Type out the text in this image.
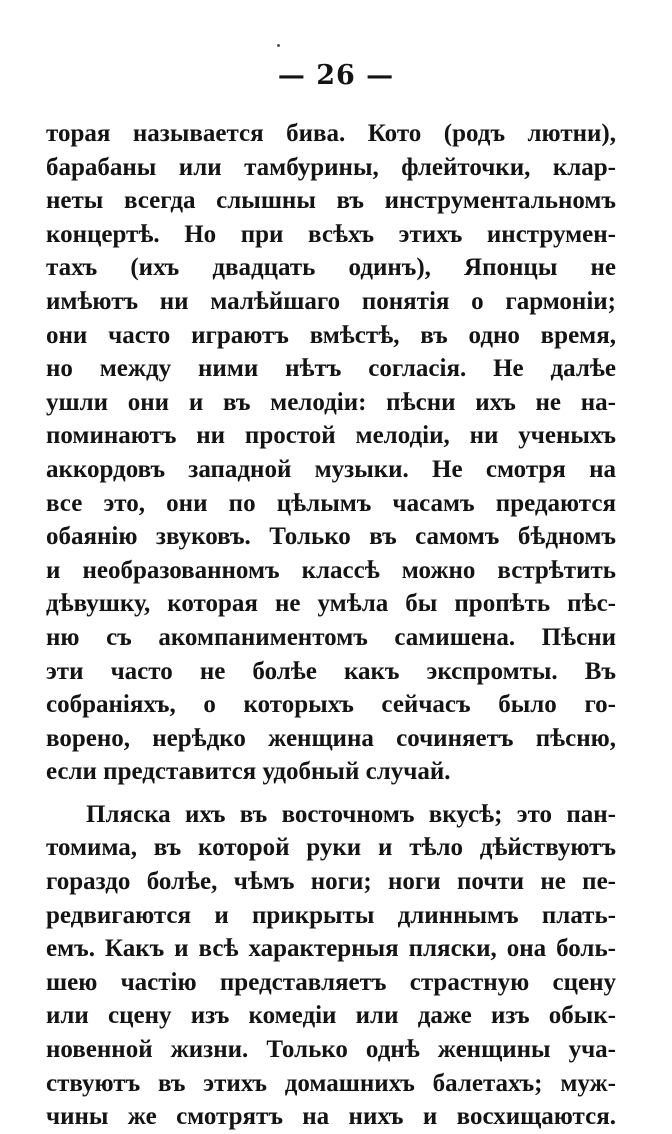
— 26 —
торая называется бива. Кото (родъ лютни),
барабаны или тамбурины, флейточки, клар-
неты всегда слышны въ инструментальномъ
концертѣ. Но при всѣхъ этихъ инструмен-
тахъ (ихъ двадцать одинъ), Японцы не
имѣютъ ни малѣйшаго понятія о гармоніи;
они часто играютъ вмѣстѣ, въ одно время,
но между ними нѣтъ согласія. Не далѣе
ушли они и въ мелодіи: пѣсни ихъ не на-
поминаютъ ни простой мелодіи, ни ученыхъ
аккордовъ западной музыки. Не смотря на
все это, они по цѣлымъ часамъ предаются
обаянію звуковъ. Только въ самомъ бѣдномъ
и необразованномъ классѣ можно встрѣтить
дѣвушку, которая не умѣла бы пропѣть пѣс-
ню съ акомпаниментомъ самишена. Пѣсни
эти часто не болѣе какъ экспромты. Въ
собраніяхъ, о которыхъ сейчасъ было го-
ворено, нерѣдко женщина сочиняетъ пѣсню,
если представится удобный случай.
Пляска ихъ въ восточномъ вкусѣ; это пан-
томима, въ которой руки и тѣло дѣйствуютъ
гораздо болѣе, чѣмъ ноги; ноги почти не пе-
редвигаются и прикрыты длиннымъ плать-
емъ. Какъ и всѣ характерныя пляски, она боль-
шею частію представляетъ страстную сцену
или сцену изъ комедіи или даже изъ обык-
новенной жизни. Только однѣ женщины уча-
ствуютъ въ этихъ домашнихъ балетахъ; муж-
чины же смотрятъ на нихъ и восхищаются.
